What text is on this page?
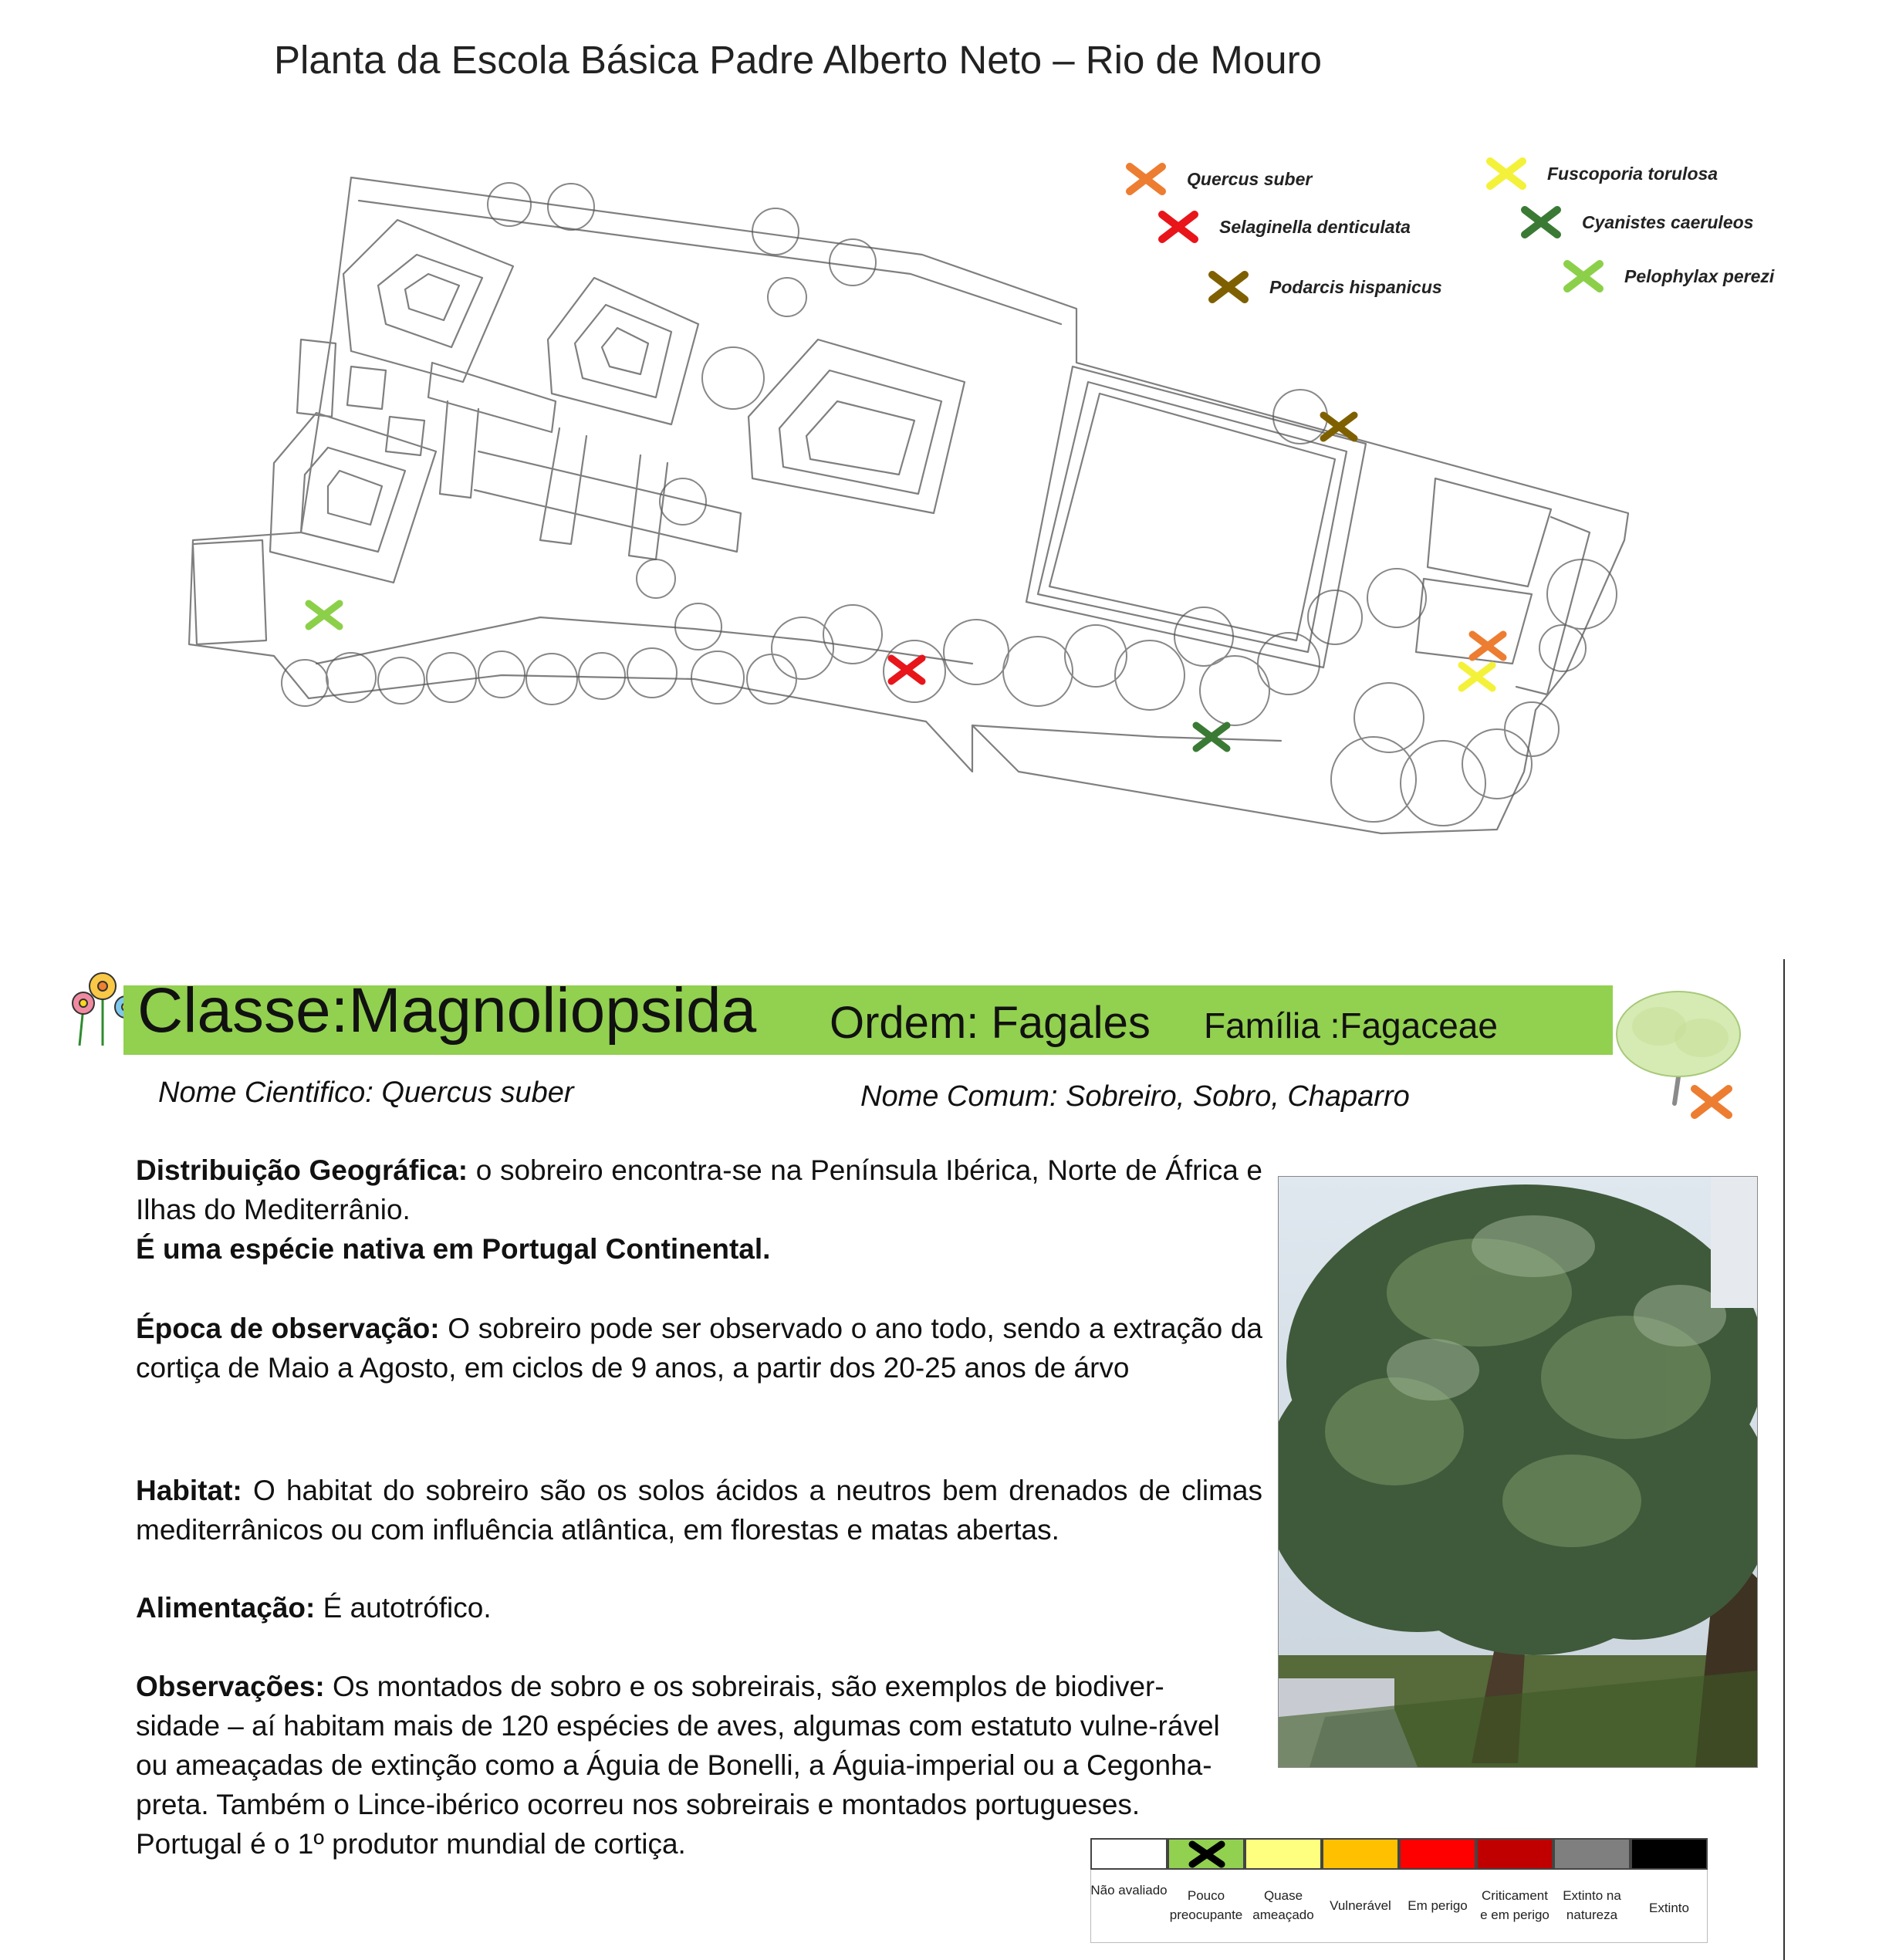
Planta da Escola Básica Padre Alberto Neto – Rio de Mouro
Quercus suber
Selaginella denticulata
Podarcis hispanicus
Fuscoporia torulosa
Cyanistes caeruleos
Pelophylax perezi
Classe:Magnoliopsida Ordem: Fagales Família :Fagaceae
Nome Cientifico: Quercus suber	Nome Comum: Sobreiro, Sobro, Chaparro
Distribuição Geográfica: o sobreiro encontra-se na Península Ibérica, Norte de África e Ilhas do Mediterrânio.
É uma espécie nativa em Portugal Continental.
Época de observação: O sobreiro pode ser observado o ano todo, sendo a extração da cortiça de Maio a Agosto, em ciclos de 9 anos, a partir dos 20-25 anos de árvo
Habitat: O habitat do sobreiro são os solos ácidos a neutros bem drenados de climas mediterrânicos ou com influência atlântica, em florestas e matas abertas.
Alimentação: É autotrófico.
Observações: Os montados de sobro e os sobreirais, são exemplos de biodiver-sidade – aí habitam mais de 120 espécies de aves, algumas com estatuto vulne-rável ou ameaçadas de extinção como a Águia de Bonelli, a Águia-imperial ou a Cegonha-preta. Também o Lince-ibérico ocorreu nos sobreirais e montados portugueses. Portugal é o 1º produtor mundial de cortiça.
Não avaliado	Pouco preocupante
Quase ameaçado
Vulnerável	Em perigo
Criticament e em perigo
Extinto na natureza	Extinto
